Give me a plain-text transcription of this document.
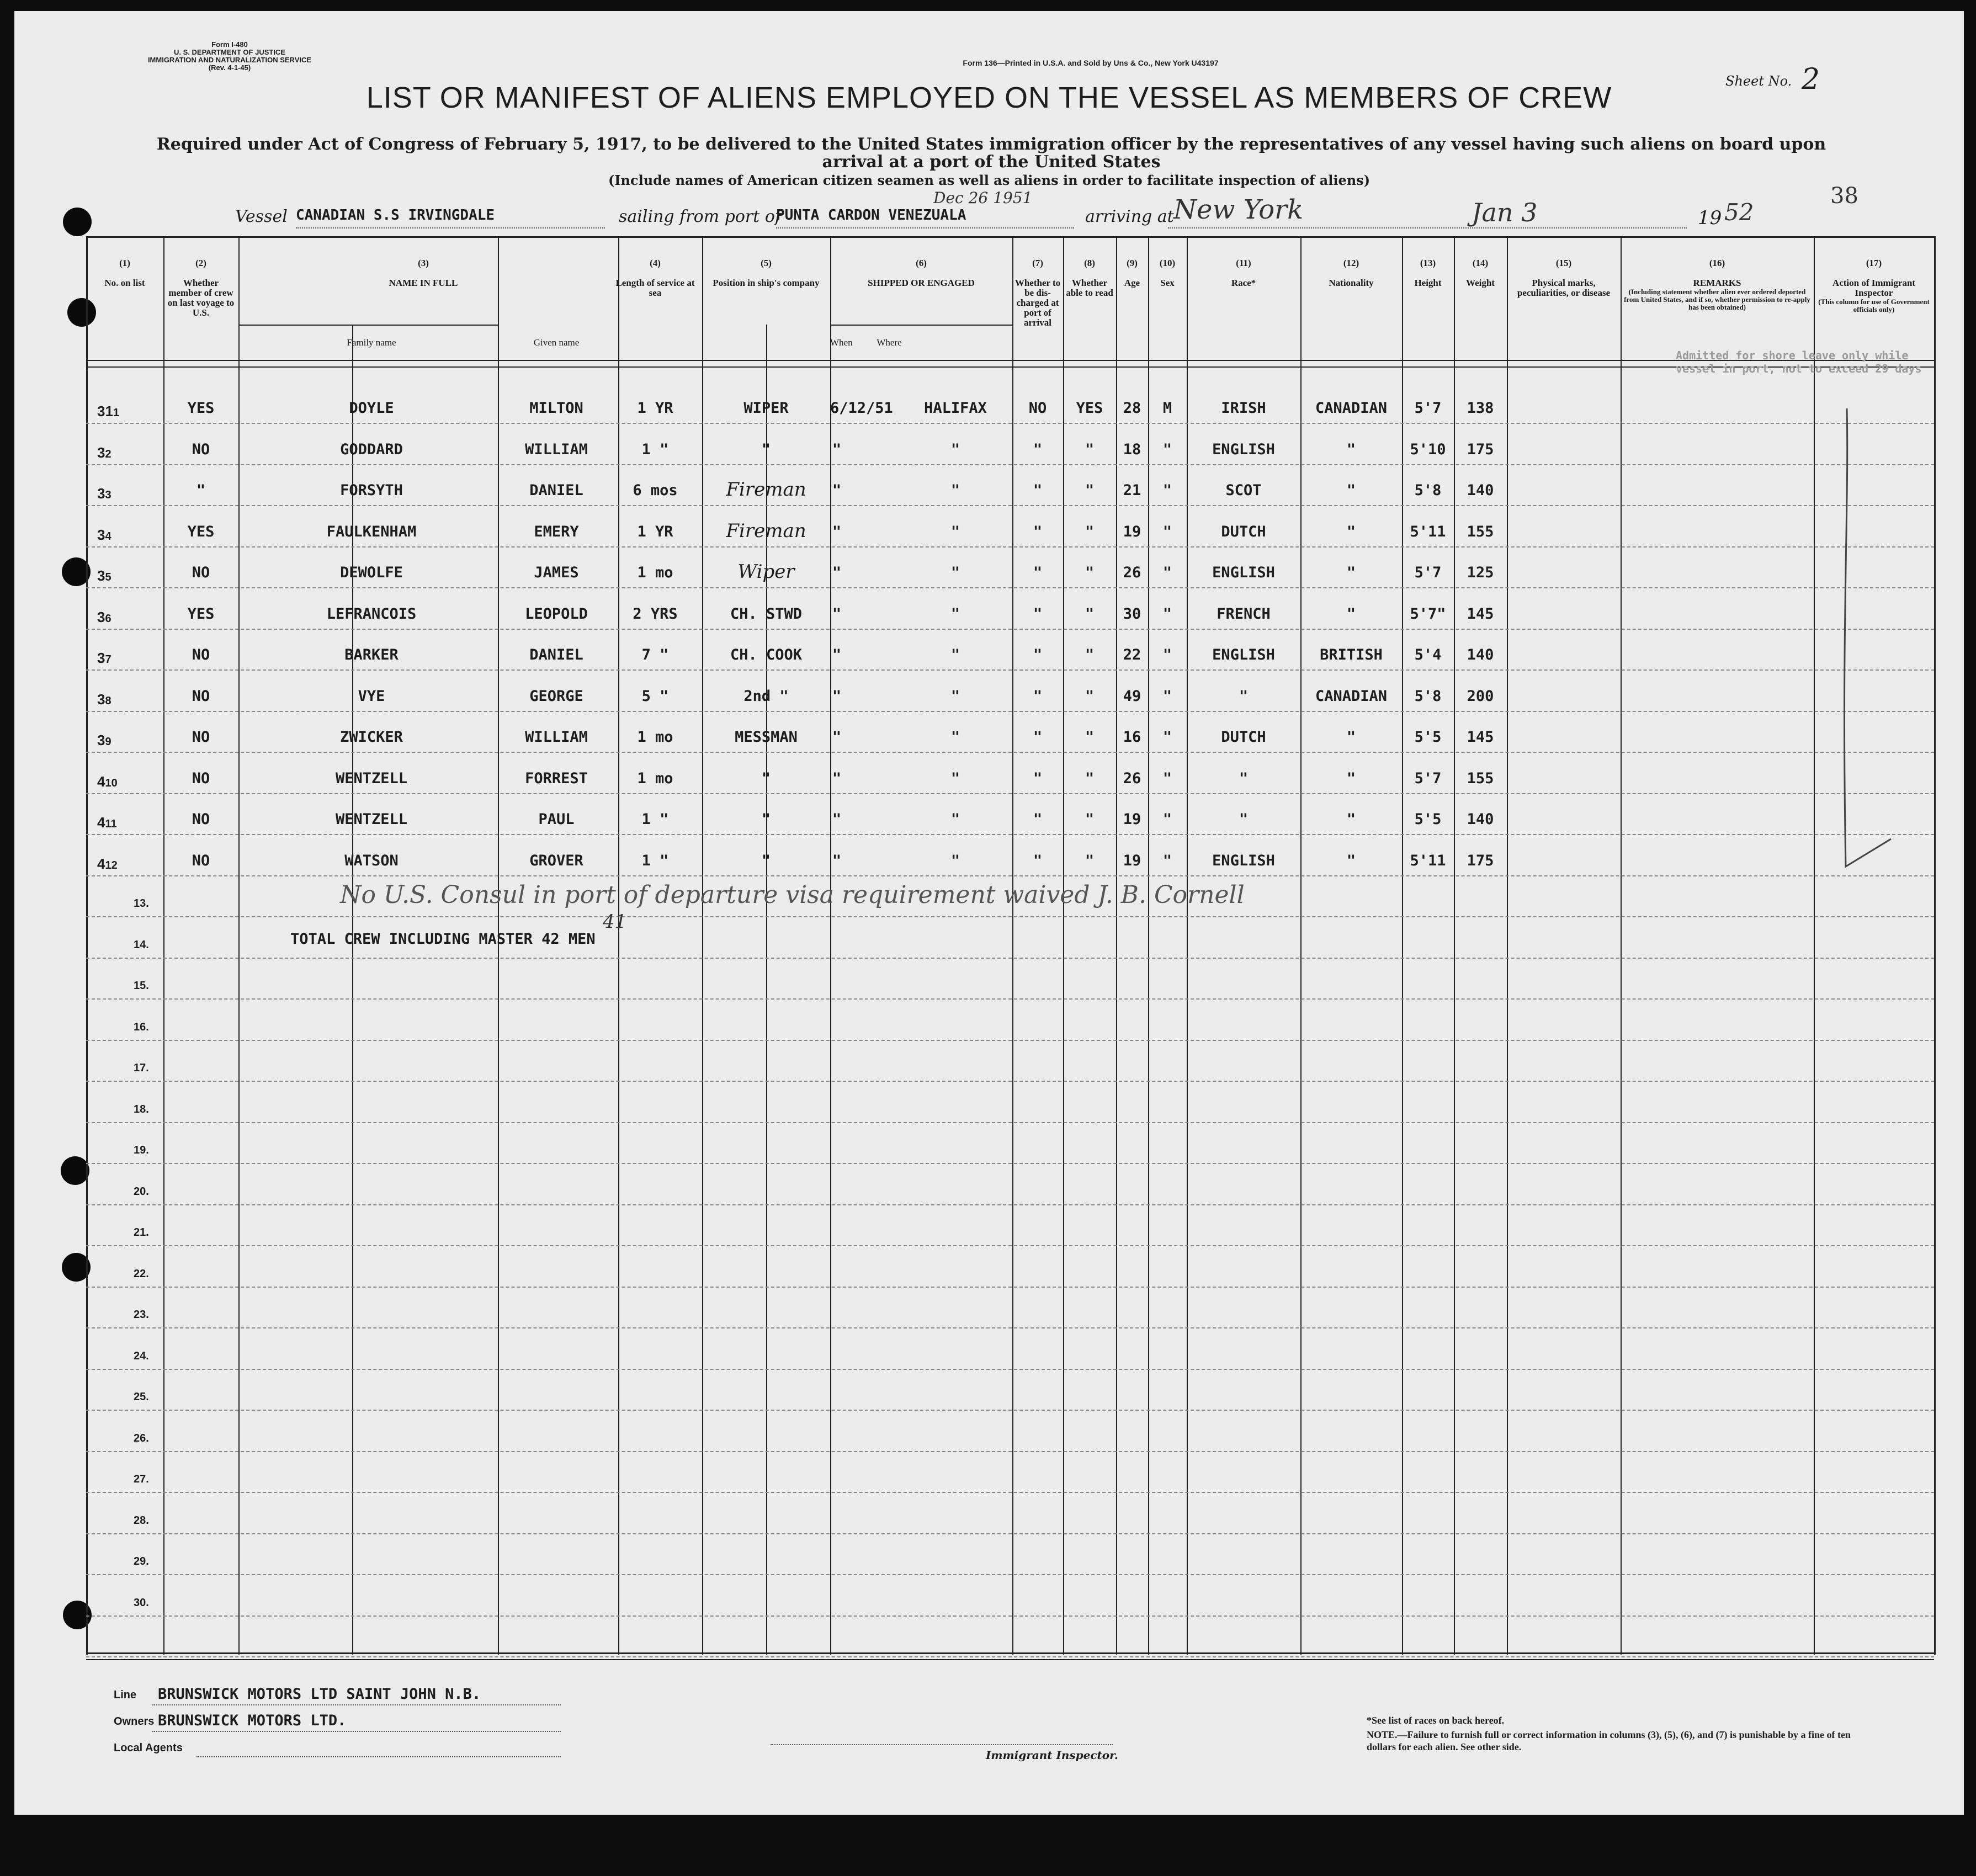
Form I-480
U. S. DEPARTMENT OF JUSTICE
IMMIGRATION AND NATURALIZATION SERVICE
(Rev. 4-1-45)
Form 136—Printed in U.S.A. and Sold by Uns & Co., New York U43197
Sheet No. 2
LIST OR MANIFEST OF ALIENS EMPLOYED ON THE VESSEL AS MEMBERS OF CREW
Required under Act of Congress of February 5, 1917, to be delivered to the United States immigration officer by the representatives of any vessel having such aliens on board upon arrival at a port of the United States
(Include names of American citizen seamen as well as aliens in order to facilitate inspection of aliens)
38
Vessel CANADIAN S.S IRVINGDALE	sailing from port of
PUNTA CARDON VENEZUALA
Dec 26 1951
arriving at New York	Jan 3	19 52
(1)
No. on list
(2)
Whether member of crew on last voyage to U.S.
(3)
NAME IN FULL
Family name	Given name
(4)
Length of service at sea
(5)
Position in ship's company
(6)
SHIPPED OR ENGAGED
When	Where
(7)
Whether to be dis-charged at port of arrival
(8)
Whether able to read
(9)
Age
(10)
Sex
(11)
Race*
(12)
Nationality
(13)
Height
(14)
Weight
(15)
Physical marks, peculiarities, or disease
(16)
REMARKS
(Including statement whether alien ever ordered deported from United States, and if so, whether permission to re-apply has been obtained)
(17)
Action of Immigrant Inspector
(This column for use of Government officials only)
311	YES	DOYLE	MILTON	1 YR	WIPER	6/12/51	HALIFAX	NO	YES	28	M	IRISH	CANADIAN	5'7	138
32	NO	GODDARD	WILLIAM	1 "	"	"	"	"	"	18	"	ENGLISH	"	5'10	175
33	"	FORSYTH	DANIEL	6 mos	Fireman	"	"	"	"	21	"	SCOT	"	5'8	140
34	YES	FAULKENHAM	EMERY	1 YR	Fireman	"	"	"	"	19	"	DUTCH	"	5'11	155
35	NO	DEWOLFE	JAMES	1 mo	Wiper	"	"	"	"	26	"	ENGLISH	"	5'7	125
36	YES	LEFRANCOIS	LEOPOLD	2 YRS	CH. STWD	"	"	"	"	30	"	FRENCH	"	5'7"	145
37	NO	BARKER	DANIEL	7 "	CH. COOK	"	"	"	"	22	"	ENGLISH	BRITISH	5'4	140
38	NO	VYE	GEORGE	5 "	2nd "	"	"	"	"	49	"	"	CANADIAN	5'8	200
39	NO	ZWICKER	WILLIAM	1 mo	MESSMAN	"	"	"	"	16	"	DUTCH	"	5'5	145
410	NO	WENTZELL	FORREST	1 mo	"	"	"	"	"	26	"	"	"	5'7	155
411	NO	WENTZELL	PAUL	1 "	"	"	"	"	"	19	"	"	"	5'5	140
412	NO	WATSON	GROVER	1 "	"	"	"	"	"	19	"	ENGLISH	"	5'11	175
13.
14.
15.
16.
17.
18.
19.
20.
21.
22.
23.
24.
25.
26.
27.
28.
29.
30.
No U.S. Consul in port of departure visa requirement waived J. B. Cornell
TOTAL CREW INCLUDING MASTER 42 MEN
41
Admitted for shore leave only while vessel in port, not to exceed 29 days
Line BRUNSWICK MOTORS LTD SAINT JOHN N.B.
Owners BRUNSWICK MOTORS LTD.
Local Agents
Immigrant Inspector.
*See list of races on back hereof.
NOTE.—Failure to furnish full or correct information in columns (3), (5), (6), and (7) is punishable by a fine of ten dollars for each alien. See other side.
